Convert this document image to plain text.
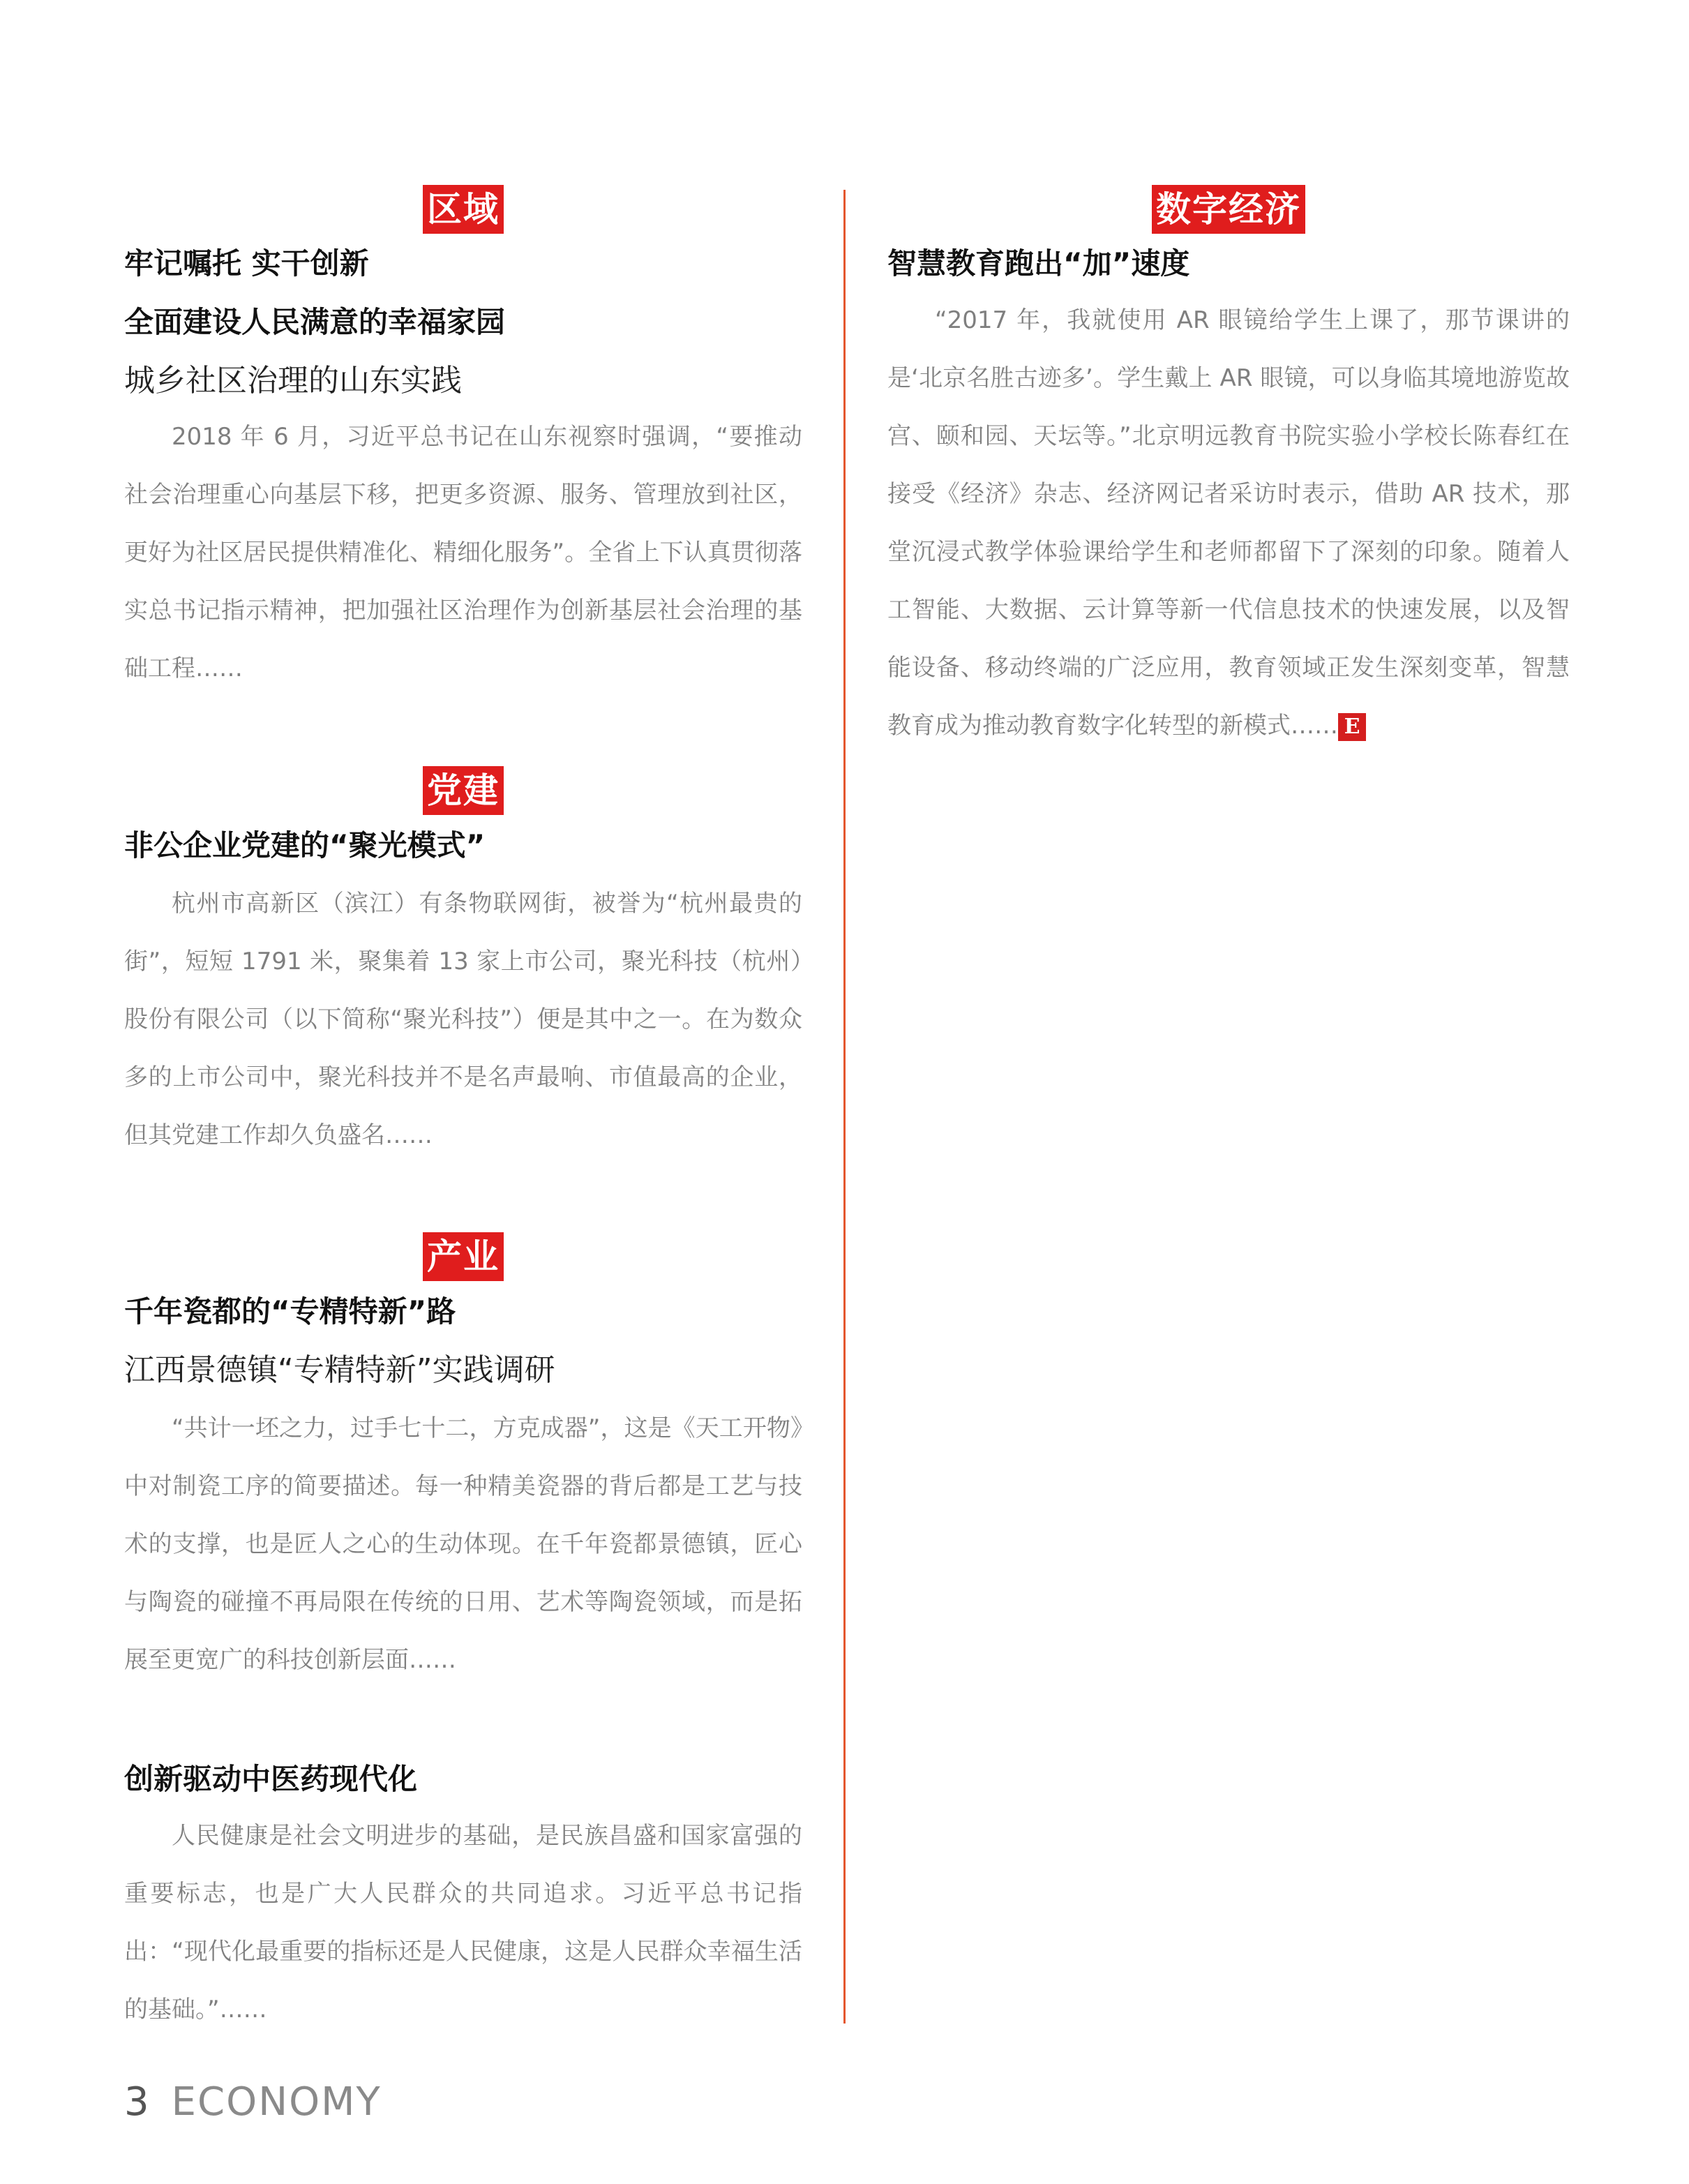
区域
牢记嘱托 实干创新
全面建设人民满意的幸福家园
城乡社区治理的山东实践
2018 年 6 月，习近平总书记在山东视察时强调，“要推动社会治理重心向基层下移，把更多资源、服务、管理放到社区，更好为社区居民提供精准化、精细化服务”。全省上下认真贯彻落实总书记指示精神，把加强社区治理作为创新基层社会治理的基础工程……
党建
非公企业党建的“聚光模式”
杭州市高新区（滨江）有条物联网街，被誉为“杭州最贵的街”，短短 1791 米，聚集着 13 家上市公司，聚光科技（杭州）股份有限公司（以下简称“聚光科技”）便是其中之一。在为数众多的上市公司中，聚光科技并不是名声最响、市值最高的企业，但其党建工作却久负盛名……
产业
千年瓷都的“专精特新”路
江西景德镇“专精特新”实践调研
“共计一坯之力，过手七十二，方克成器”，这是《天工开物》中对制瓷工序的简要描述。每一种精美瓷器的背后都是工艺与技术的支撑，也是匠人之心的生动体现。在千年瓷都景德镇，匠心与陶瓷的碰撞不再局限在传统的日用、艺术等陶瓷领域，而是拓展至更宽广的科技创新层面……
创新驱动中医药现代化
人民健康是社会文明进步的基础，是民族昌盛和国家富强的重要标志，也是广大人民群众的共同追求。习近平总书记指出：“现代化最重要的指标还是人民健康，这是人民群众幸福生活的基础。”……
数字经济
智慧教育跑出“加”速度
“2017 年，我就使用 AR 眼镜给学生上课了，那节课讲的是‘北京名胜古迹多’。学生戴上 AR 眼镜，可以身临其境地游览故宫、颐和园、天坛等。”北京明远教育书院实验小学校长陈春红在接受《经济》杂志、经济网记者采访时表示，借助 AR 技术，那堂沉浸式教学体验课给学生和老师都留下了深刻的印象。随着人工智能、大数据、云计算等新一代信息技术的快速发展，以及智能设备、移动终端的广泛应用，教育领域正发生深刻变革，智慧教育成为推动教育数字化转型的新模式…… E
3 ECONOMY
